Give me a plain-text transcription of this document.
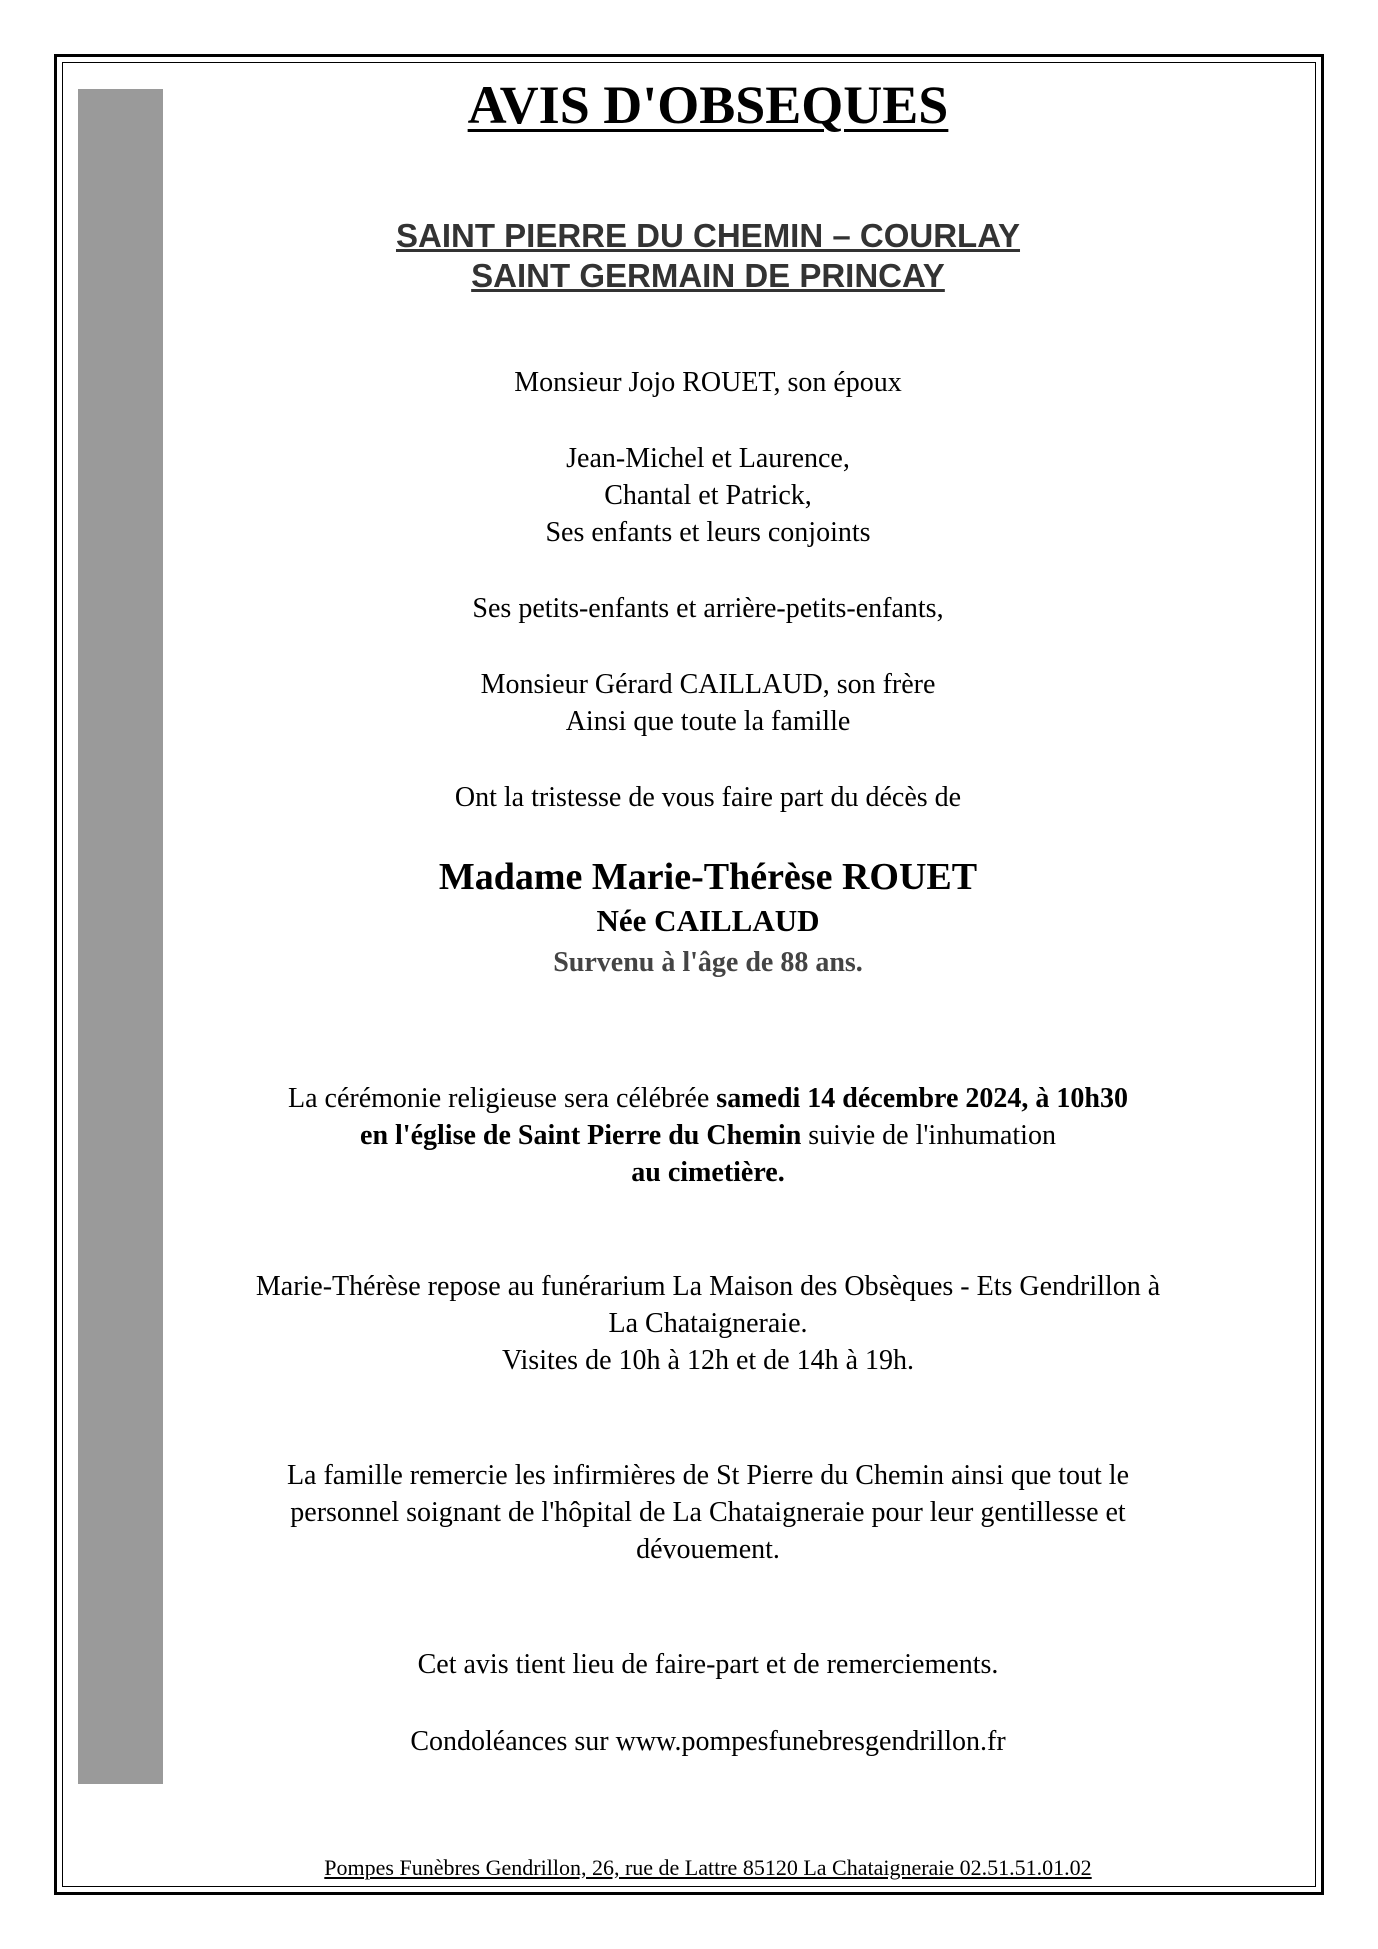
AVIS D'OBSEQUES
SAINT PIERRE DU CHEMIN – COURLAY
SAINT GERMAIN DE PRINCAY
Monsieur Jojo ROUET, son époux
Jean-Michel et Laurence,
Chantal et Patrick,
Ses enfants et leurs conjoints
Ses petits-enfants et arrière-petits-enfants,
Monsieur Gérard CAILLAUD, son frère
Ainsi que toute la famille
Ont la tristesse de vous faire part du décès de
Madame Marie-Thérèse ROUET
Née CAILLAUD
Survenu à l'âge de 88 ans.
La cérémonie religieuse sera célébrée samedi 14 décembre 2024, à 10h30
en l'église de Saint Pierre du Chemin suivie de l'inhumation
au cimetière.
Marie-Thérèse repose au funérarium La Maison des Obsèques - Ets Gendrillon à
La Chataigneraie.
Visites de 10h à 12h et de 14h à 19h.
La famille remercie les infirmières de St Pierre du Chemin ainsi que tout le
personnel soignant de l'hôpital de La Chataigneraie pour leur gentillesse et
dévouement.
Cet avis tient lieu de faire-part et de remerciements.
Condoléances sur www.pompesfunebresgendrillon.fr
Pompes Funèbres Gendrillon, 26, rue de Lattre 85120 La Chataigneraie 02.51.51.01.02
